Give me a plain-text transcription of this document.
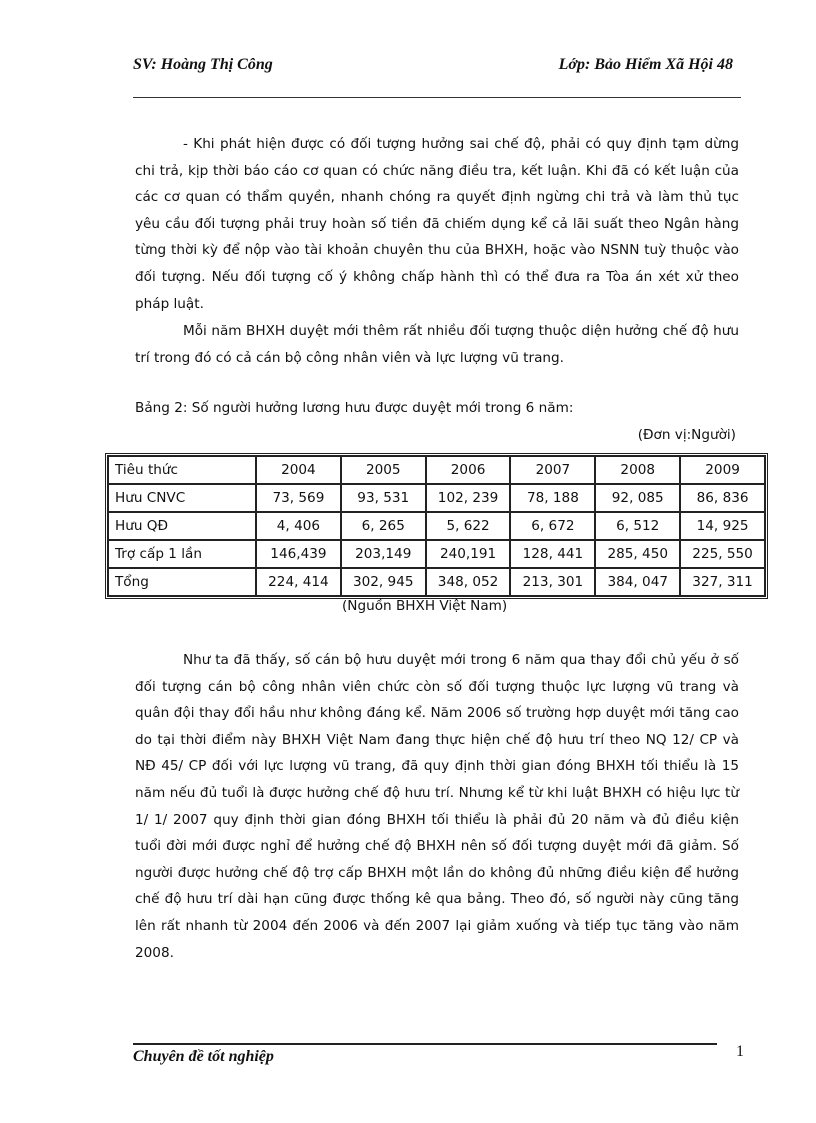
SV: Hoàng Thị Công	Lớp: Bảo Hiểm Xã Hội 48

- Khi phát hiện được có đối tượng hưởng sai chế độ, phải có quy định tạm dừng chi trả, kịp thời báo cáo cơ quan có chức năng điều tra, kết luận. Khi đã có kết luận của các cơ quan có thẩm quyền, nhanh chóng ra quyết định ngừng chi trả và làm thủ tục yêu cầu đối tượng phải truy hoàn số tiền đã chiếm dụng kể cả lãi suất theo Ngân hàng từng thời kỳ để nộp vào tài khoản chuyên thu của BHXH, hoặc vào NSNN tuỳ thuộc vào đối tượng. Nếu đối tượng cố ý không chấp hành thì có thể đưa ra Tòa án xét xử theo pháp luật.

Mỗi năm BHXH duyệt mới thêm rất nhiều đối tượng thuộc diện hưởng chế độ hưu trí trong đó có cả cán bộ công nhân viên và lực lượng vũ trang.

Bảng 2: Số người hưởng lương hưu được duyệt mới trong 6 năm:
(Đơn vị:Người)
Tiêu thức	2004	2005	2006	2007	2008	2009
Hưu CNVC	73, 569	93, 531	102, 239	78, 188	92, 085	86, 836
Hưu QĐ	4, 406	6, 265	5, 622	6, 672	6, 512	14, 925
Trợ cấp 1 lần	146,439	203,149	240,191	128, 441	285, 450	225, 550
Tổng	224, 414	302, 945	348, 052	213, 301	384, 047	327, 311
(Nguồn BHXH Việt Nam)

Như ta đã thấy, số cán bộ hưu duyệt mới trong 6 năm qua thay đổi chủ yếu ở số đối tượng cán bộ công nhân viên chức còn số đối tượng thuộc lực lượng vũ trang và quân đội thay đổi hầu như không đáng kể. Năm 2006 số trường hợp duyệt mới tăng cao do tại thời điểm này BHXH Việt Nam đang thực hiện chế độ hưu trí theo NQ 12/ CP và NĐ 45/ CP đối với lực lượng vũ trang, đã quy định thời gian đóng BHXH tối thiểu là 15 năm nếu đủ tuổi là được hưởng chế độ hưu trí. Nhưng kể từ khi luật BHXH có hiệu lực từ 1/ 1/ 2007 quy định thời gian đóng BHXH tối thiểu là phải đủ 20 năm và đủ điều kiện tuổi đời mới được nghỉ để hưởng chế độ BHXH nên số đối tượng duyệt mới đã giảm. Số người được hưởng chế độ trợ cấp BHXH một lần do không đủ những điều kiện để hưởng chế độ hưu trí dài hạn cũng được thống kê qua bảng. Theo đó, số người này cũng tăng lên rất nhanh từ 2004 đến 2006 và đến 2007 lại giảm xuống và tiếp tục tăng vào năm 2008.

Chuyên đề tốt nghiệp	1
